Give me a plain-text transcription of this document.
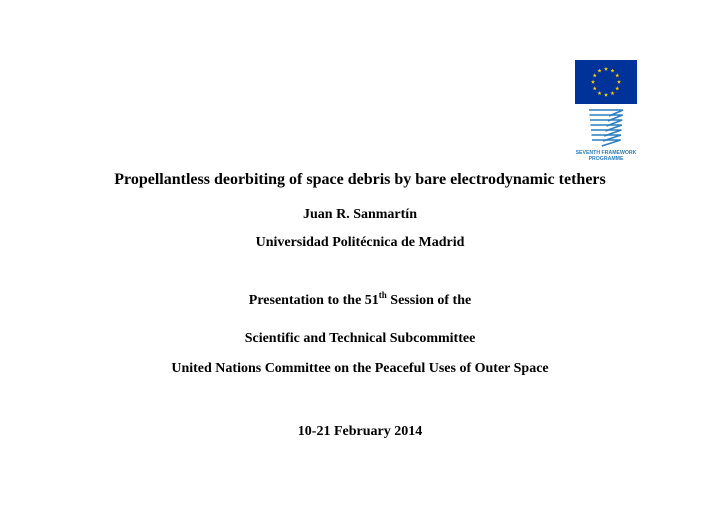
SEVENTH FRAMEWORK
PROGRAMME
Propellantless deorbiting of space debris by bare electrodynamic tethers
Juan R. Sanmartín
Universidad Politécnica de Madrid
Presentation to the 51th Session of the
Scientific and Technical Subcommittee
United Nations Committee on the Peaceful Uses of Outer Space
10-21 February 2014
